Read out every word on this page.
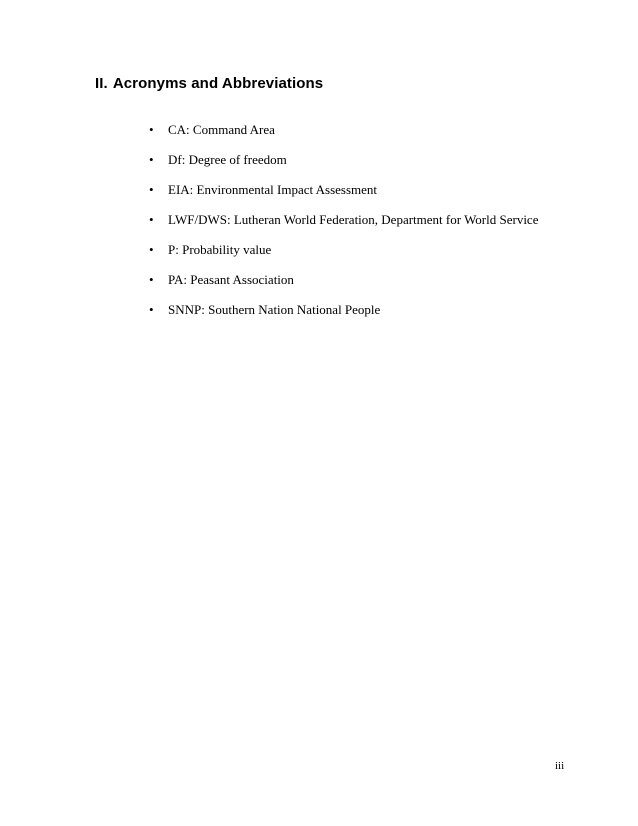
II. Acronyms and Abbreviations
•	CA: Command Area
•	Df: Degree of freedom
•	EIA: Environmental Impact Assessment
•	LWF/DWS: Lutheran World Federation, Department for World Service
•	P: Probability value
•	PA: Peasant Association
•	SNNP: Southern Nation National People
iii
